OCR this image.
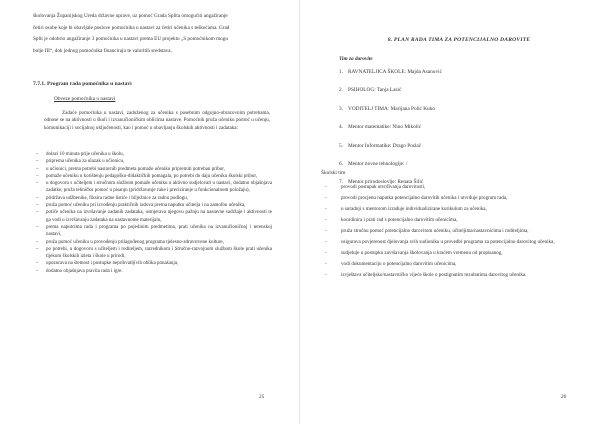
školovanja Županijskog Ureda državne uprave, uz pomoć Grada Splita omogućiti angažiranje

četiri osobe koje bi obavljale poslove pomoćnika u nastavi za četiri učenika s teškoćama. Grad

Split je odobrio angažiranje 3 pomoćnika u nastavi prema EU projektu „S pomoćnikom mogu

bolje III“, dok jednog pomoćnika financiraju te valoritih sredstava.

7.7.1. Program rada pomoćnika u nastavi
Obveze pomoćnika u nastavi

Zadaće pomoćnika u nastavi, zaduženog za učenika s posebnim odgojno-obrazovnim potrebama, odnose se na aktivnosti u školi i izvanučioničkim oblicima nastave. Pomoćnik pruža učeniku pomoć u učenju, komunikaciji i socijalnoj uključenosti, kao i pomoć u obavljanju školskih aktivnosti i zadataka:

– dolazi 10 minuta prije učenika u školu,
– priprema učenika za ulazak u učionicu,
– u učionici, prema potrebi nastavnih predmeta pomaže učeniku pripremiti potreban pribor,
– pomaže učeniku u korištenju pedagoško-didaktičkih pomagala, po potrebi do daju učeniku školski pribor,
– u dogovoru s učiteljem i stručnom službom pomaže učeniku u aktivno sudjelovati u nastavi, dodatno objašnjava zadatke, pruža tehničku pomoć u pisanju (pridržavanje ruke i preciziranje u funkcionalnom položaju),
– pridržava udžbenike, fiksira radne listiće i bilježnice za radnu podlogu,
– pruža pomoć učeniku pri izvođenju praktičnih radova prema naputku učitelja i na zamolbu učenika,
– potiče učenika na izvršavanje zadanih zadataka, usmjerava njegovu pažnju na nastavne sadržaje i aktivnosti te ga vodi u izvršavanju zadataka na nastavnome materijalu,
– prema naputcima rada i programa po pojedinim predmetima, prati učenika na izvanučioničnoj i terenskoj nastavi,
– pruža pomoć učeniku u provođenju prilagođenog programa tjelesno-zdravstvene kulture,
– po potrebi, u dogovoru s učiteljem i roditeljem, razrednikom i Stručno-razvojnom službom škole prati učenika tijekom školskih izleta i škole u prirodi,
– upozorava na štetnost i postupke neprihvatljivih oblika ponašanja,
– dodatno objašnjava pravila rada i igre.
25
8. PLAN RADA TIMA ZA POTENCIJALNO DAROVITE
Tim za darovite
1. RAVNATELJICA ŠKOLE: Majda Asanović
2. PSIHOLOG: Tanja Lasić
3. VODITELJ TIMA: Marijana Polić Kuko
4. Mentor matematike: Nino Mikolić
5. Mentor Informatike: Drago Poslač
6. Mentor novne tehnologije: /
7. Mentor prirodoslovlje: Renata Šilić
Školski tim
- provodi postupak utvrđivanja darovitosti,
- provodi procjenu naputka potencijalno darovitih učenika i utvrđuje program rada,
- u suradnji s mentorom izrađuje individualizirane kurikulum za učenika,
- koordinira i prati rad s potencijalno darovitim učenicima,
- pruža stručnu pomoć potencijalno darovitom učeniku, učiteljima/nastavnicima i roditeljima,
- osigurava povjerenost djelovanja svih sudionika u provedbi programa za potencijalno darovitog učenika,
- sudjeluje u postupku završavanja školovanja u kraćem vremenu od propisanog,
- vodi dokumentaciju o potencijalno darovitim učenicima,
- izvještava učiteljsko/nastavničko vijeće škole o postignutim rezultatima darovitog učenika.
26
